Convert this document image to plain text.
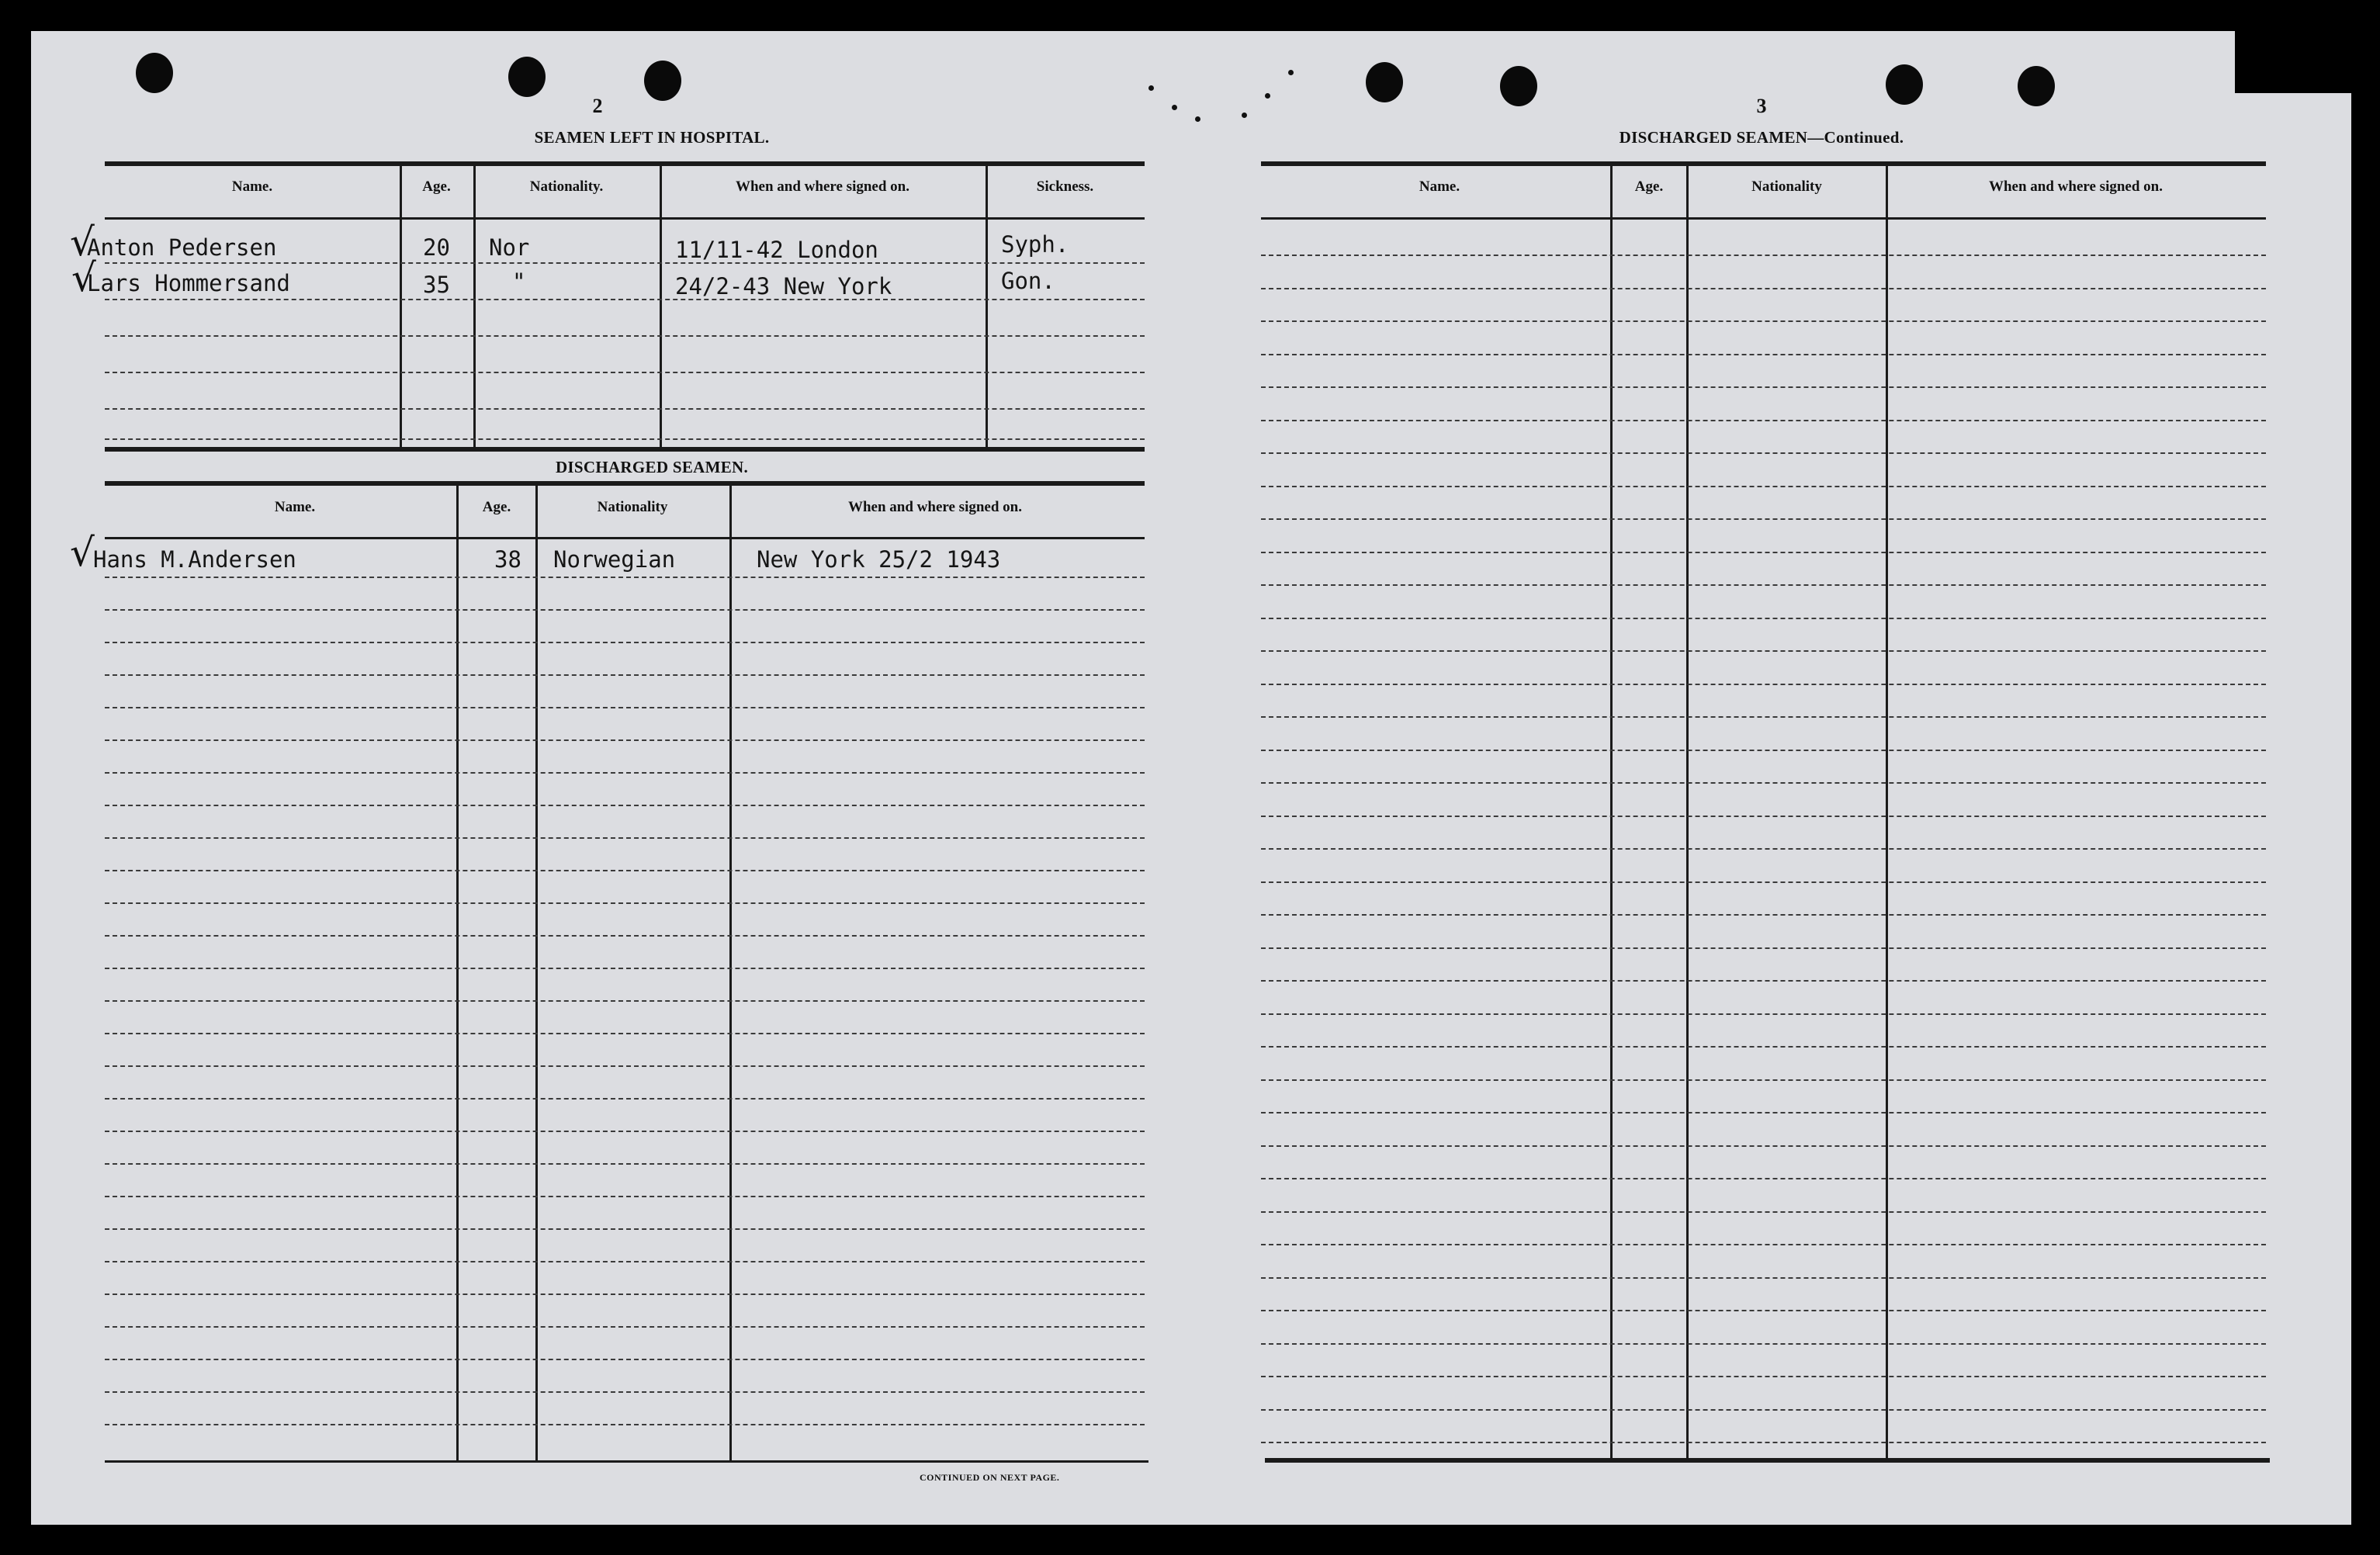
2
SEAMEN LEFT IN HOSPITAL.
Name.	Age.	Nationality.	When and where signed on.	Sickness.
√
√
Anton Pedersen	20 Nor	11/11-42 London	Syph.
Lars Hommersand	35	"	24/2-43 New York	Gon.
DISCHARGED SEAMEN.
Name.	Age.	Nationality	When and where signed on.
√
Hans M.Andersen	38 Norwegian	New York 25/2 1943
CONTINUED ON NEXT PAGE.
3
DISCHARGED SEAMEN—Continued.
Name.	Age.	Nationality	When and where signed on.
